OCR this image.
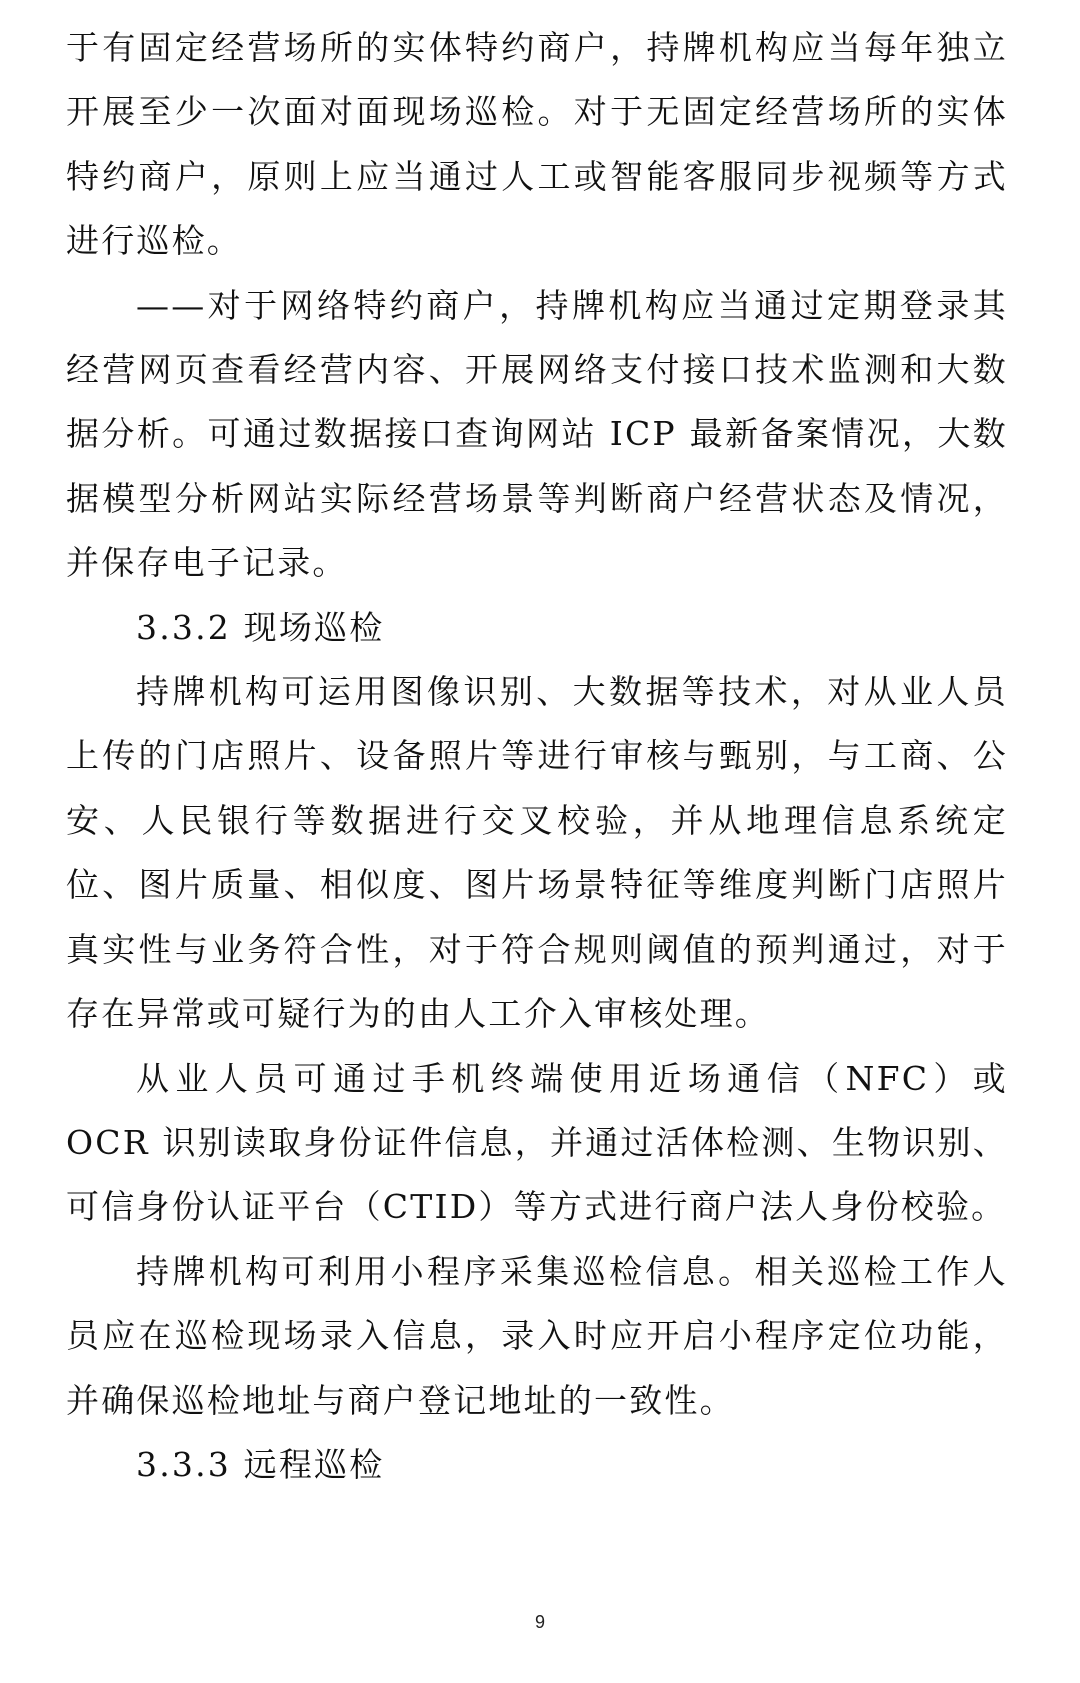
于有固定经营场所的实体特约商户，持牌机构应当每年独立开展至少一次面对面现场巡检。对于无固定经营场所的实体特约商户，原则上应当通过人工或智能客服同步视频等方式进行巡检。

——对于网络特约商户，持牌机构应当通过定期登录其经营网页查看经营内容、开展网络支付接口技术监测和大数据分析。可通过数据接口查询网站 ICP 最新备案情况，大数据模型分析网站实际经营场景等判断商户经营状态及情况，并保存电子记录。

3.3.2 现场巡检

持牌机构可运用图像识别、大数据等技术，对从业人员上传的门店照片、设备照片等进行审核与甄别，与工商、公安、人民银行等数据进行交叉校验，并从地理信息系统定位、图片质量、相似度、图片场景特征等维度判断门店照片真实性与业务符合性，对于符合规则阈值的预判通过，对于存在异常或可疑行为的由人工介入审核处理。

从业人员可通过手机终端使用近场通信（NFC）或 OCR 识别读取身份证件信息，并通过活体检测、生物识别、可信身份认证平台（CTID）等方式进行商户法人身份校验。

持牌机构可利用小程序采集巡检信息。相关巡检工作人员应在巡检现场录入信息，录入时应开启小程序定位功能，并确保巡检地址与商户登记地址的一致性。

3.3.3 远程巡检

9
